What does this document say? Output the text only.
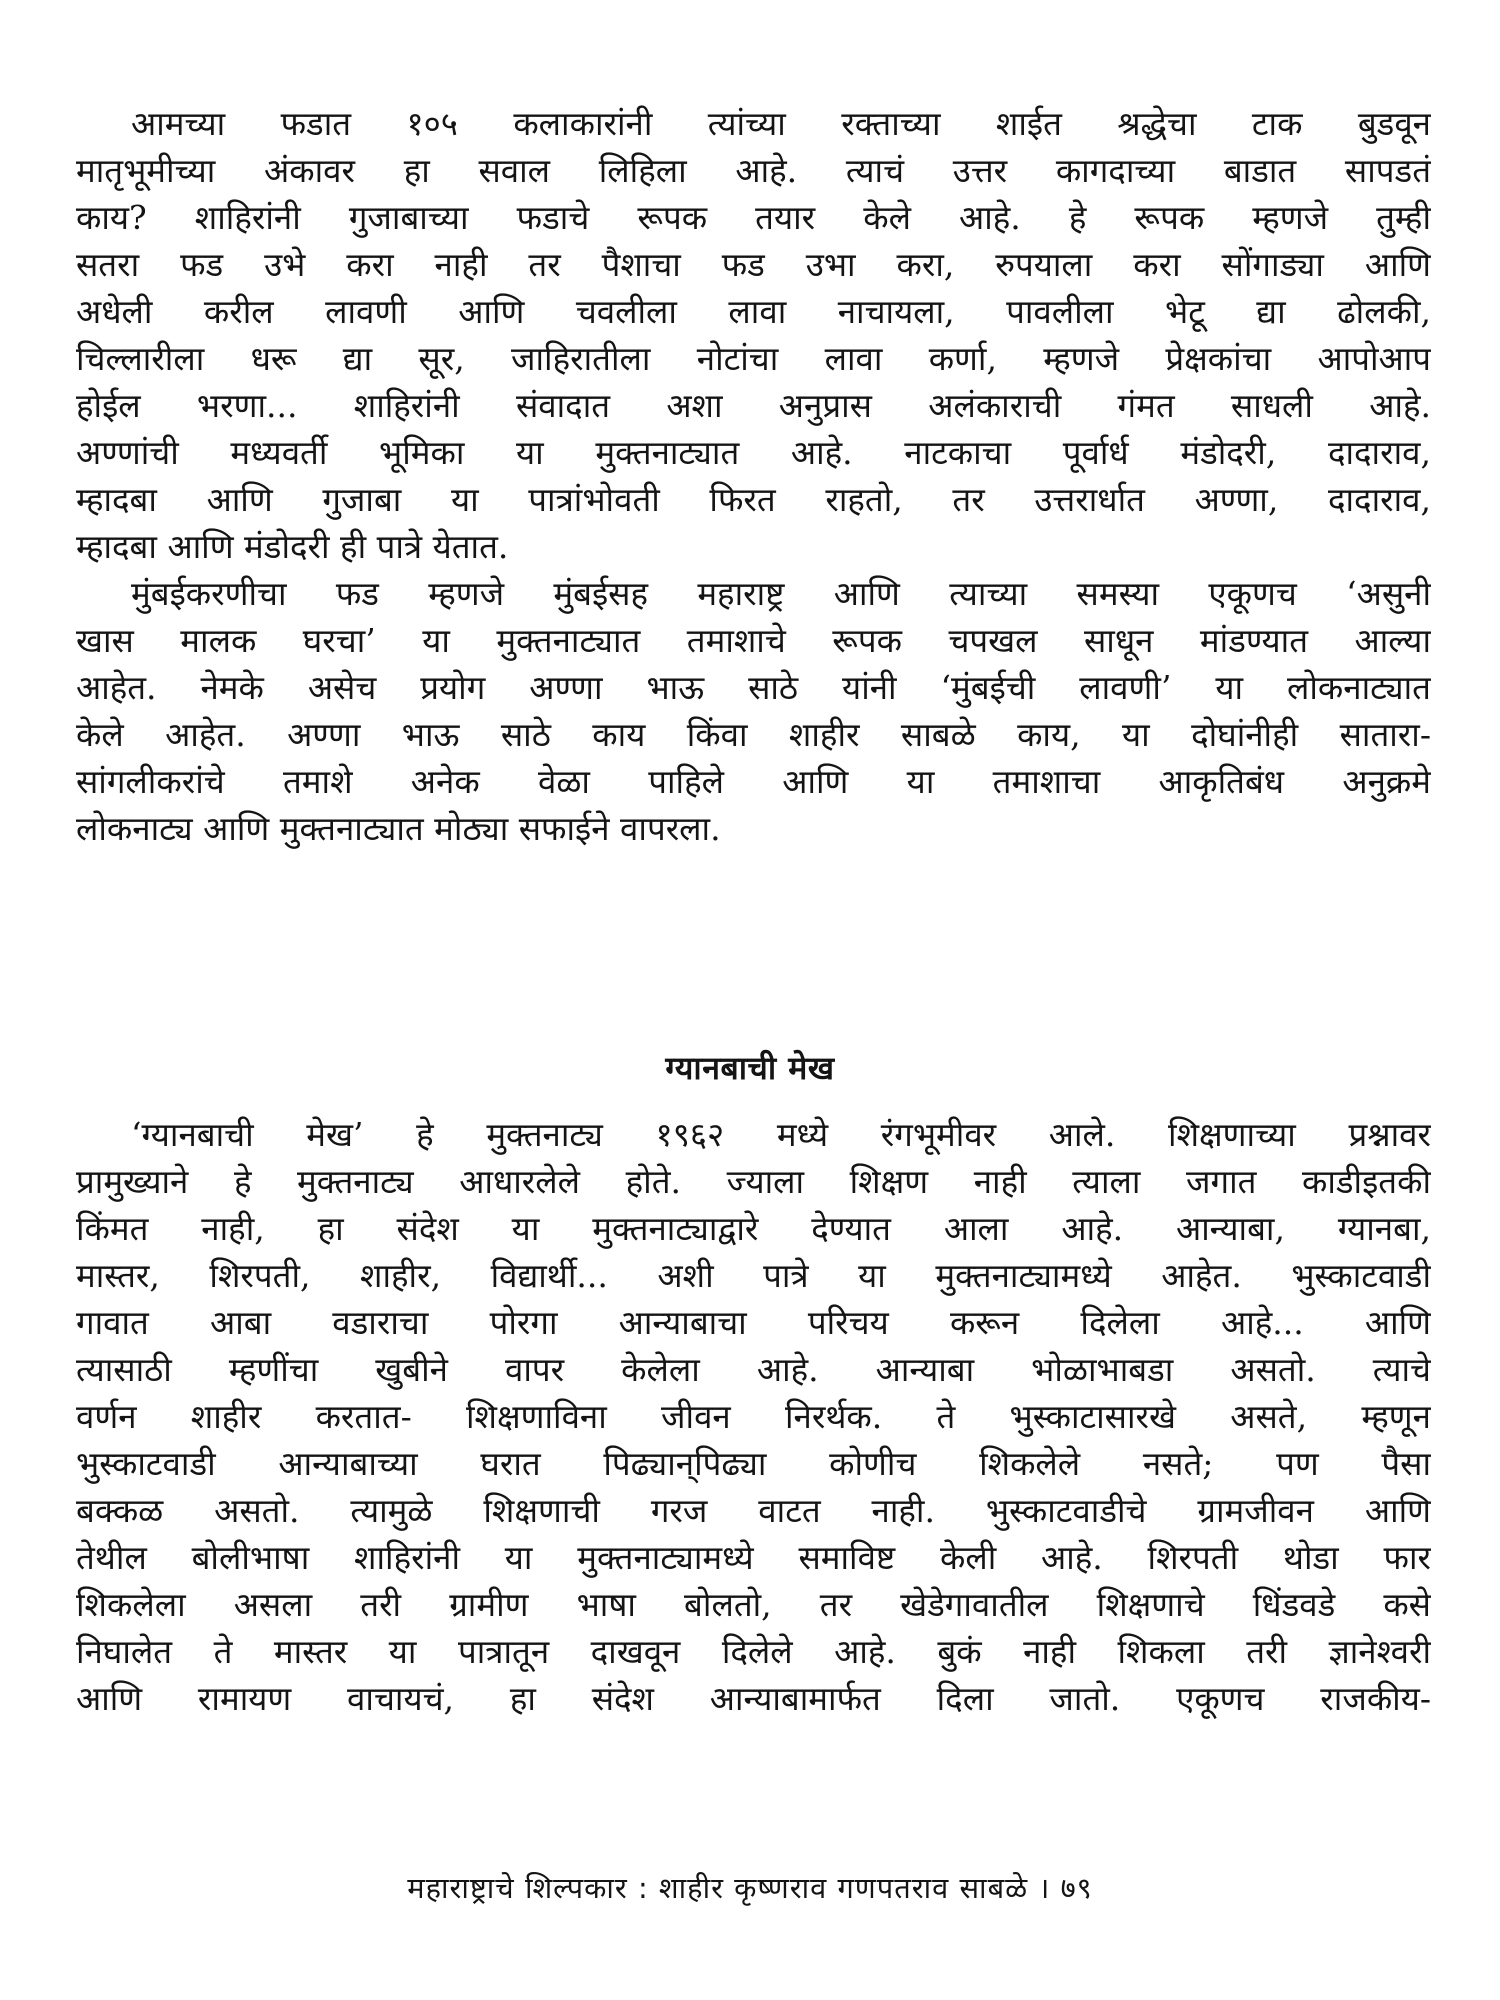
आमच्या फडात १०५ कलाकारांनी त्यांच्या रक्ताच्या शाईत श्रद्धेचा टाक बुडवून
मातृभूमीच्या अंकावर हा सवाल लिहिला आहे. त्याचं उत्तर कागदाच्या बाडात सापडतं
काय? शाहिरांनी गुजाबाच्या फडाचे रूपक तयार केले आहे. हे रूपक म्हणजे तुम्ही
सतरा फड उभे करा नाही तर पैशाचा फड उभा करा, रुपयाला करा सोंगाड्या आणि
अधेली करील लावणी आणि चवलीला लावा नाचायला, पावलीला भेटू द्या ढोलकी,
चिल्लारीला धरू द्या सूर, जाहिरातीला नोटांचा लावा कर्णा, म्हणजे प्रेक्षकांचा आपोआप
होईल भरणा... शाहिरांनी संवादात अशा अनुप्रास अलंकाराची गंमत साधली आहे.
अण्णांची मध्यवर्ती भूमिका या मुक्तनाट्यात आहे. नाटकाचा पूर्वार्ध मंडोदरी, दादाराव,
म्हादबा आणि गुजाबा या पात्रांभोवती फिरत राहतो, तर उत्तरार्धात अण्णा, दादाराव,
म्हादबा आणि मंडोदरी ही पात्रे येतात.
मुंबईकरणीचा फड म्हणजे मुंबईसह महाराष्ट्र आणि त्याच्या समस्या एकूणच ‘असुनी
खास मालक घरचा’ या मुक्तनाट्यात तमाशाचे रूपक चपखल साधून मांडण्यात आल्या
आहेत. नेमके असेच प्रयोग अण्णा भाऊ साठे यांनी ‘मुंबईची लावणी’ या लोकनाट्यात
केले आहेत. अण्णा भाऊ साठे काय किंवा शाहीर साबळे काय, या दोघांनीही सातारा-
सांगलीकरांचे तमाशे अनेक वेळा पाहिले आणि या तमाशाचा आकृतिबंध अनुक्रमे
लोकनाट्य आणि मुक्तनाट्यात मोठ्या सफाईने वापरला.
ग्यानबाची मेख
‘ग्यानबाची मेख’ हे मुक्तनाट्य १९६२ मध्ये रंगभूमीवर आले. शिक्षणाच्या प्रश्नावर
प्रामुख्याने हे मुक्तनाट्य आधारलेले होते. ज्याला शिक्षण नाही त्याला जगात काडीइतकी
किंमत नाही, हा संदेश या मुक्तनाट्याद्वारे देण्यात आला आहे. आन्याबा, ग्यानबा,
मास्तर, शिरपती, शाहीर, विद्यार्थी... अशी पात्रे या मुक्तनाट्यामध्ये आहेत. भुस्काटवाडी
गावात आबा वडाराचा पोरगा आन्याबाचा परिचय करून दिलेला आहे... आणि
त्यासाठी म्हणींचा खुबीने वापर केलेला आहे. आन्याबा भोळाभाबडा असतो. त्याचे
वर्णन शाहीर करतात- शिक्षणाविना जीवन निरर्थक. ते भुस्काटासारखे असते, म्हणून
भुस्काटवाडी आन्याबाच्या घरात पिढ्यान्‌पिढ्या कोणीच शिकलेले नसते; पण पैसा
बक्कळ असतो. त्यामुळे शिक्षणाची गरज वाटत नाही. भुस्काटवाडीचे ग्रामजीवन आणि
तेथील बोलीभाषा शाहिरांनी या मुक्तनाट्यामध्ये समाविष्ट केली आहे. शिरपती थोडा फार
शिकलेला असला तरी ग्रामीण भाषा बोलतो, तर खेडेगावातील शिक्षणाचे धिंडवडे कसे
निघालेत ते मास्तर या पात्रातून दाखवून दिलेले आहे. बुकं नाही शिकला तरी ज्ञानेश्वरी
आणि रामायण वाचायचं, हा संदेश आन्याबामार्फत दिला जातो. एकूणच राजकीय-
महाराष्ट्राचे शिल्पकार : शाहीर कृष्णराव गणपतराव साबळे । ७९
